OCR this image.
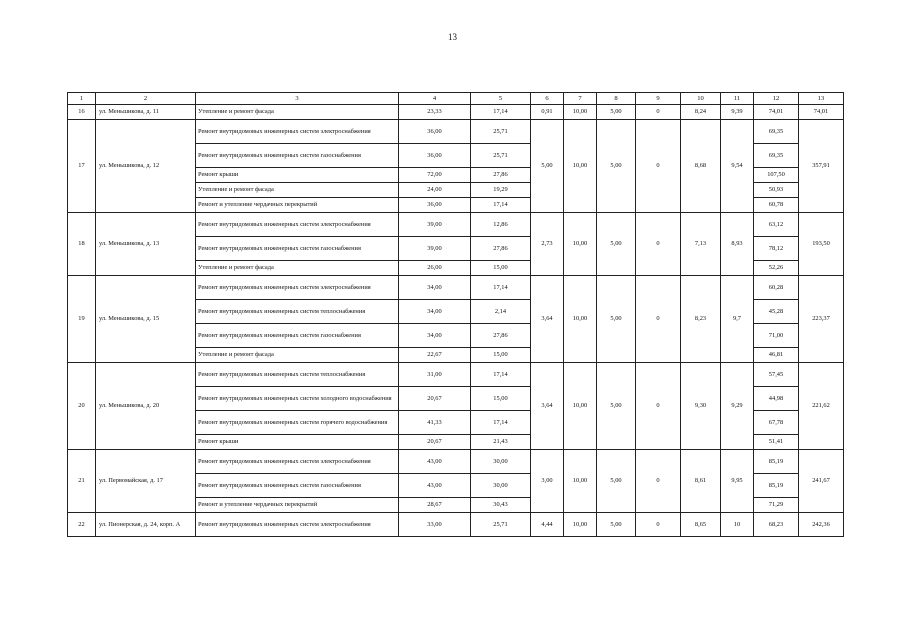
13
1	2	3	4	5	6	7	8	9	10	11	12	13
16	ул. Меньшикова, д. 11	Утепление и ремонт фасада	23,33	17,14	0,91	10,00	5,00	0	8,24	9,39	74,01	74,01
17	ул. Меньшикова, д. 12	Ремонт внутридомовых инженерных систем электроснабжения	36,00	25,71	5,00	10,00	5,00	0	8,68	9,54	69,35	357,91
		Ремонт внутридомовых инженерных систем газоснабжения	36,00	25,71							69,35	
		Ремонт крыши	72,00	27,86							107,50	
		Утепление и ремонт фасада	24,00	19,29							50,93	
		Ремонт и утепление чердачных перекрытий	36,00	17,14							60,78	
18	ул. Меньшикова, д. 13	Ремонт внутридомовых инженерных систем электроснабжения	39,00	12,86	2,73	10,00	5,00	0	7,13	8,93	63,12	193,50
		Ремонт внутридомовых инженерных систем газоснабжения	39,00	27,86							78,12	
		Утепление и ремонт фасада	26,00	15,00							52,26	
19	ул. Меньшикова, д. 15	Ремонт внутридомовых инженерных систем электроснабжения	34,00	17,14	3,64	10,00	5,00	0	8,23	9,7	60,28	223,37
		Ремонт внутридомовых инженерных систем теплоснабжения	34,00	2,14							45,28	
		Ремонт внутридомовых инженерных систем газоснабжения	34,00	27,86							71,00	
		Утепление и ремонт фасада	22,67	15,00							46,81	
20	ул. Меньшикова, д. 20	Ремонт внутридомовых инженерных систем теплоснабжения	31,00	17,14	3,64	10,00	5,00	0	9,30	9,29	57,45	221,62
		Ремонт внутридомовых инженерных систем холодного водоснабжения	20,67	15,00							44,98	
		Ремонт внутридомовых инженерных систем горячего водоснабжения	41,33	17,14							67,78	
		Ремонт крыши	20,67	21,43							51,41	
21	ул. Первомайская, д. 17	Ремонт внутридомовых инженерных систем электроснабжения	43,00	30,00	3,00	10,00	5,00	0	8,61	9,95	85,19	241,67
		Ремонт внутридомовых инженерных систем газоснабжения	43,00	30,00							85,19	
		Ремонт и утепление чердачных перекрытий	28,67	30,43							71,29	
22	ул. Пионерская, д. 24, корп. А	Ремонт внутридомовых инженерных систем электроснабжения	33,00	25,71	4,44	10,00	5,00	0	8,65	10	68,23	242,36
